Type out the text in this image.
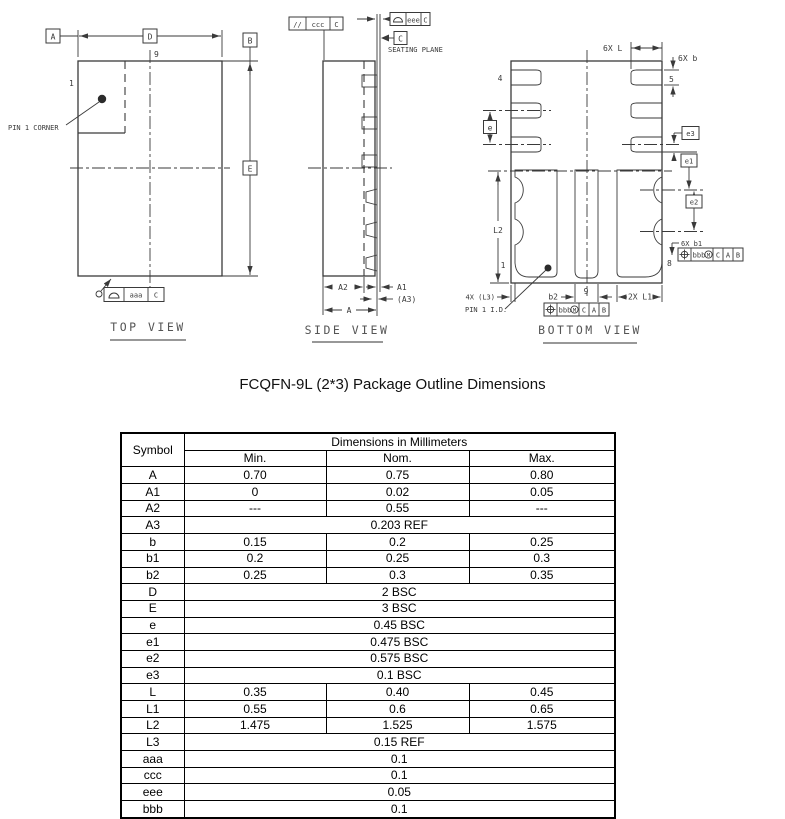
PIN 1 CORNER
D
A	B
E
9
1
aaa C
TOP VIEW
// ccc C
eee C
C
SEATING PLANE
A2	A1
(A3)
A
SIDE VIEW
6X L
6X b
e
e3
e1
e2
6X b1
bbb M C A B
L2
4	5
1	8
9
4X (L3)
PIN 1 I.D.
b2
bbb M C A B
2X L1
BOTTOM VIEW
FCQFN-9L (2*3) Package Outline Dimensions
Symbol	Dimensions in Millimeters		
	Min.	Nom.	Max.
A	0.70	0.75	0.80
A1	0	0.02	0.05
A2	---	0.55	---
A3	0.203 REF		
b	0.15	0.2	0.25
b1	0.2	0.25	0.3
b2	0.25	0.3	0.35
D	2 BSC		
E	3 BSC		
e	0.45 BSC		
e1	0.475 BSC		
e2	0.575 BSC		
e3	0.1 BSC		
L	0.35	0.40	0.45
L1	0.55	0.6	0.65
L2	1.475	1.525	1.575
L3	0.15 REF		
aaa	0.1		
ccc	0.1		
eee	0.05		
bbb	0.1		
